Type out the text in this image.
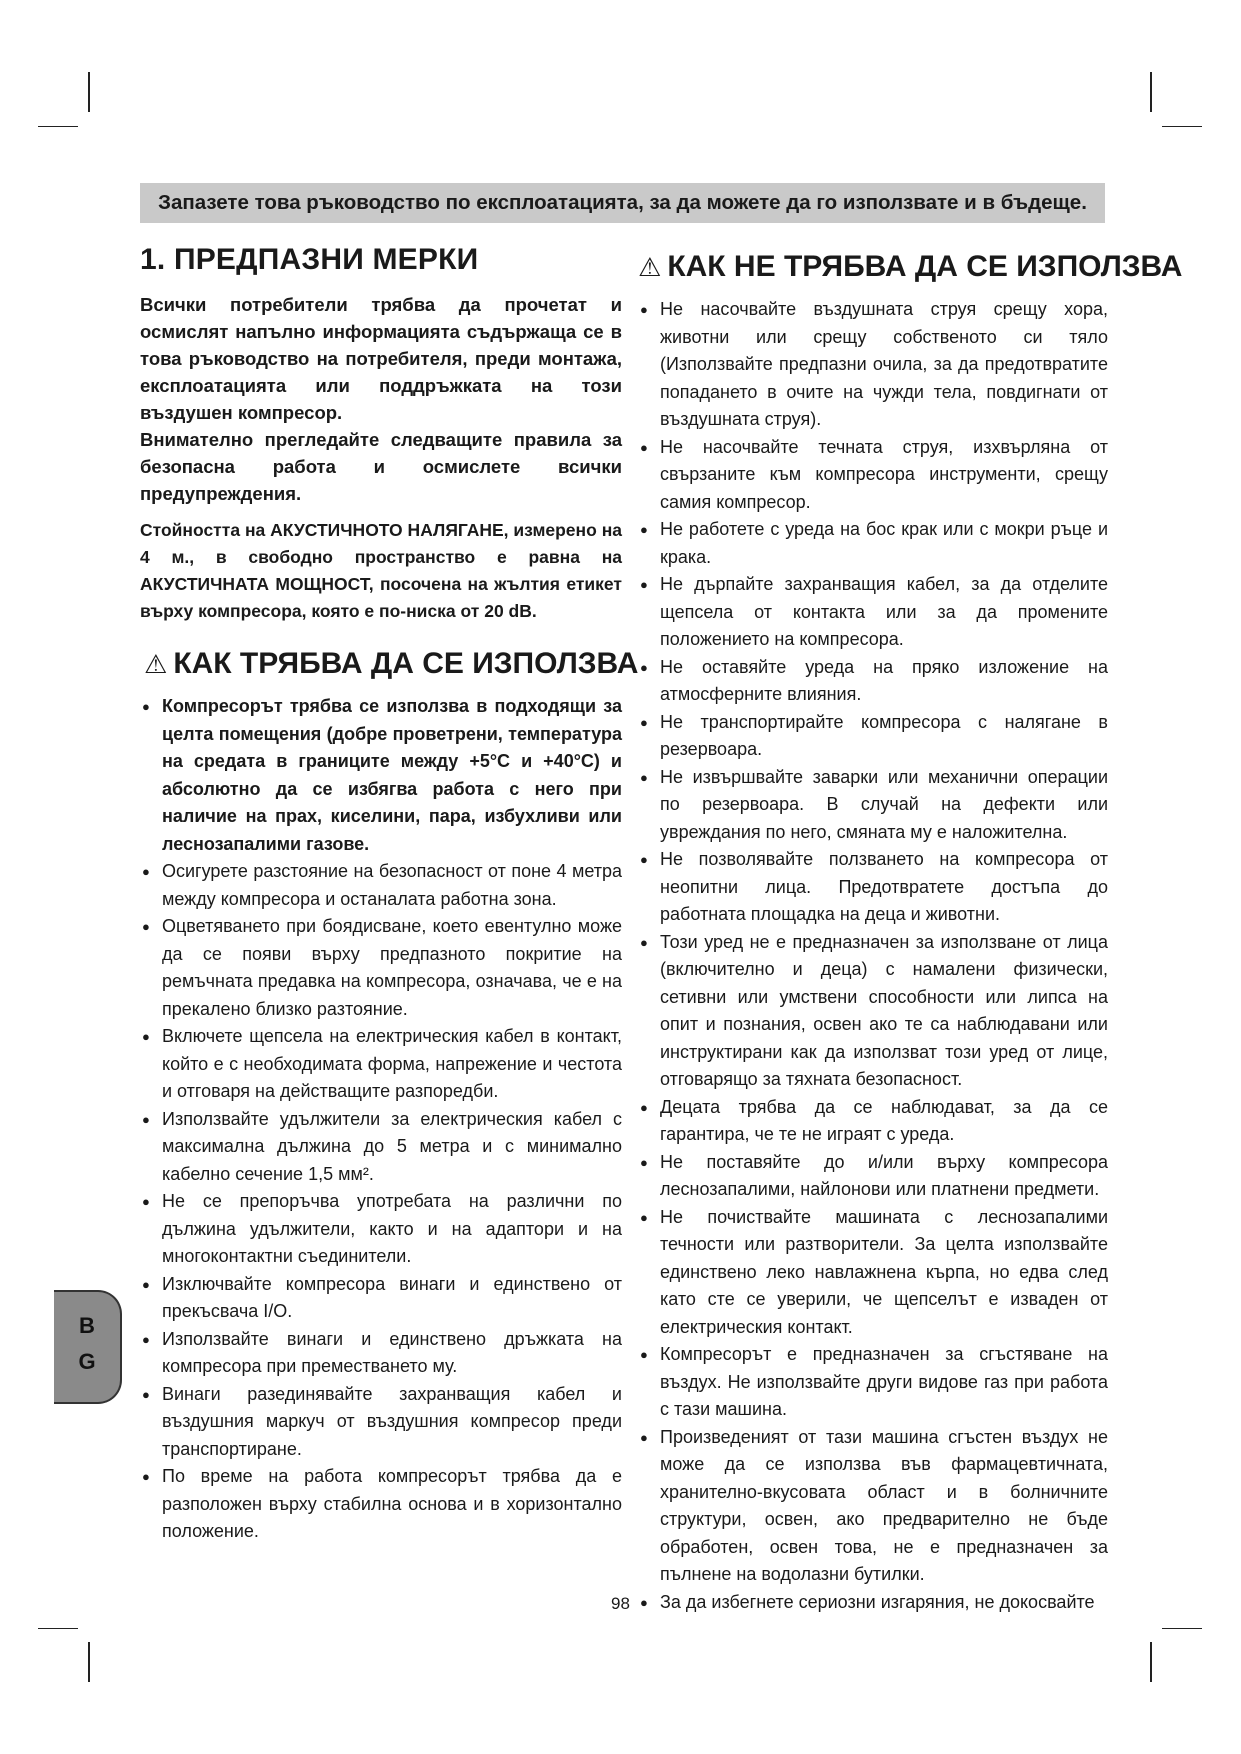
Запазете това ръководство по експлоатацията, за да можете да го използвате и в бъдеще.
1. ПРЕДПАЗНИ МЕРКИ

Всички потребители трябва да прочетат и осмислят напълно информацията съдържаща се в това ръководство на потребителя, преди монтажа, експлоатацията или поддръжката на този въздушен компресор.

Внимателно прегледайте следващите правила за безопасна работа и осмислете всички предупреждения.

Стойността на АКУСТИЧНОТО НАЛЯГАНЕ, измерено на 4 м., в свободно пространство е равна на АКУСТИЧНАТА МОЩНОСТ, посочена на жълтия етикет върху компресора, която е по-ниска от 20 dB.

⚠ КАК ТРЯБВА ДА СЕ ИЗПОЛЗВА
● Компресорът трябва се използва в подходящи за целта помещения (добре проветрени, температура на средата в границите между +5°C и +40°C) и абсолютно да се избягва работа с него при наличие на прах, киселини, пара, избухливи или леснозапалими газове.
● Осигурете разстояние на безопасност от поне 4 метра между компресора и останалата работна зона.
● Оцветяването при боядисване, което евентулно може да се появи върху предпазното покритие на ремъчната предавка на компресора, означава, че е на прекалено близко разтояние.
● Включете щепсела на електрическия кабел в контакт, който е с необходимата форма, напрежение и честота и отговаря на действащите разпоредби.
● Използвайте удължители за електрическия кабел с максимална дължина до 5 метра и с минимално кабелно сечение 1,5 мм².
● Не се препоръчва употребата на различни по дължина удължители, както и на адаптори и на многоконтактни съединители.
● Изключвайте компресора винаги и единствено от прекъсвача I/O.
● Използвайте винаги и единствено дръжката на компресора при преместването му.
● Винаги разединявайте захранващия кабел и въздушния маркуч от въздушния компресор преди транспортиране.
● По време на работа компресорът трябва да е разположен върху стабилна основа и в хоризонтално положение.
⚠ КАК НЕ ТРЯБВА ДА СЕ ИЗПОЛЗВА
● Не насочвайте въздушната струя срещу хора, животни или срещу собственото си тяло (Използвайте предпазни очила, за да предотвратите попадането в очите на чужди тела, повдигнати от въздушната струя).
● Не насочвайте течната струя, изхвърляна от свързаните към компресора инструменти, срещу самия компресор.
● Не работете с уреда на бос крак или с мокри ръце и крака.
● Не дърпайте захранващия кабел, за да отделите щепсела от контакта или за да промените положението на компресора.
● Не оставяйте уреда на пряко изложение на атмосферните влияния.
● Не транспортирайте компресора с налягане в резервоара.
● Не извършвайте заварки или механични операции по резервоара. В случай на дефекти или увреждания по него, смяната му е наложителна.
● Не позволявайте ползването на компресора от неопитни лица. Предотвратете достъпа до работната площадка на деца и животни.
● Този уред не е предназначен за използване от лица (включително и деца) с намалени физически, сетивни или умствени способности или липса на опит и познания, освен ако те са наблюдавани или инструктирани как да използват този уред от лице, отговарящо за тяхната безопасност.
● Децата трябва да се наблюдават, за да се гарантира, че те не играят с уреда.
● Не поставяйте до и/или върху компресора леснозапалими, найлонови или платнени предмети.
● Не почиствайте машината с леснозапалими течности или разтворители. За целта използвайте единствено леко навлажнена кърпа, но едва след като сте се уверили, че щепселът е изваден от електрическия контакт.
● Компресорът е предназначен за сгъстяване на въздух. Не използвайте други видове газ при работа с тази машина.
● Произведеният от тази машина сгъстен въздух не може да се използва във фармацевтичната, хранително-вкусовата област и в болничните структури, освен, ако предварително не бъде обработен, освен това, не е предназначен за пълнене на водолазни бутилки.
● За да избегнете сериозни изгаряния, не докосвайте
B
G
98
